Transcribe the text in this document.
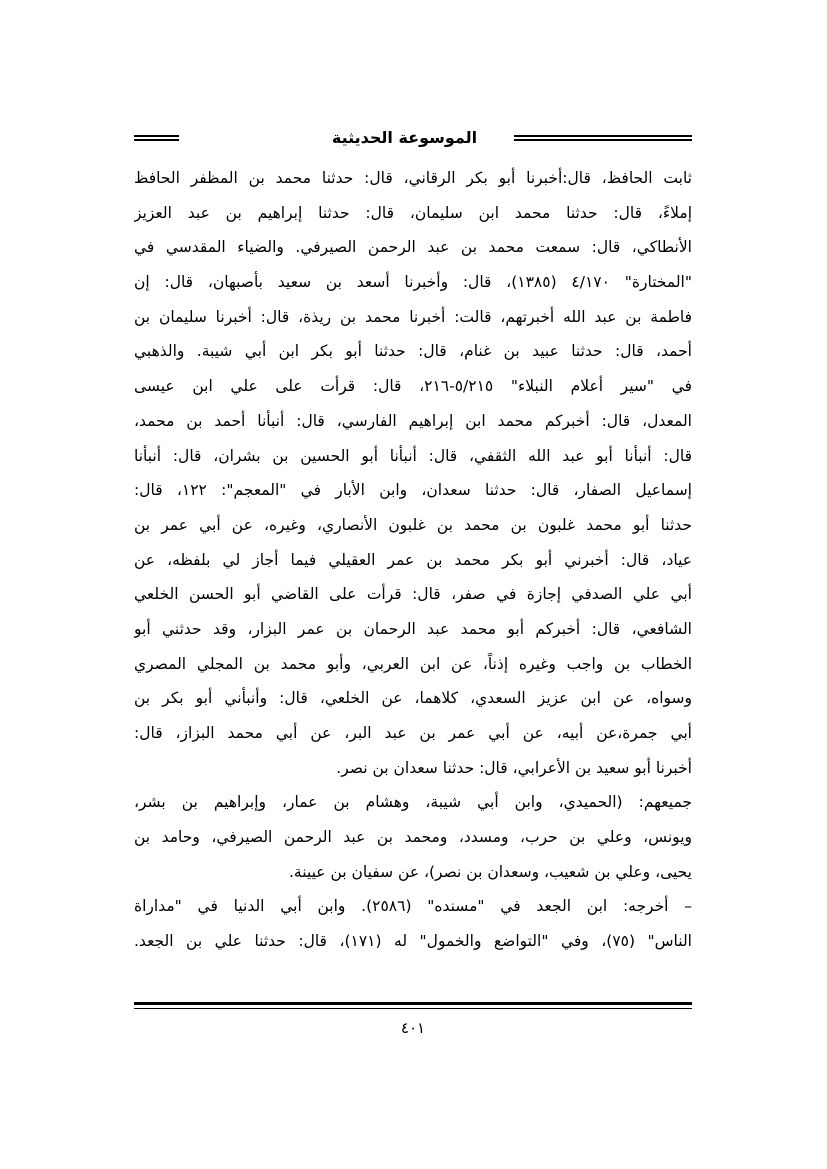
الموسوعة الحديثية
ثابت الحافظ، قال:أخبرنا أبو بكر الرقاني، قال: حدثنا محمد بن المظفر الحافظ
إملاءً، قال: حدثنا محمد ابن سليمان، قال: حدثنا إبراهيم بن عبد العزيز
الأنطاكي، قال: سمعت محمد بن عبد الرحمن الصيرفي. والضياء المقدسي في
"المختارة" ٤/١٧٠ (١٣٨٥)، قال: وأخبرنا أسعد بن سعيد بأصبهان، قال: إن
فاطمة بن عبد الله أخبرتهم، قالت: أخبرنا محمد بن ريذة، قال: أخبرنا سليمان بن
أحمد، قال: حدثنا عبيد بن غنام، قال: حدثنا أبو بكر ابن أبي شيبة. والذهبي
في "سير أعلام النبلاء" ٥/٢١٥-٢١٦، قال: قرأت على علي ابن عيسى
المعدل، قال: أخبركم محمد ابن إبراهيم الفارسي، قال: أنبأنا أحمد بن محمد،
قال: أنبأنا أبو عبد الله الثقفي، قال: أنبأنا أبو الحسين بن بشران، قال: أنبأنا
إسماعيل الصفار، قال: حدثنا سعدان، وابن الأبار في "المعجم": ١٢٢، قال:
حدثنا أبو محمد غلبون بن محمد بن غلبون الأنصاري، وغيره، عن أبي عمر بن
عياد، قال: أخبرني أبو بكر محمد بن عمر العقيلي فيما أجاز لي بلفظه، عن
أبي علي الصدفي إجازة في صفر، قال: قرأت على القاضي أبو الحسن الخلعي
الشافعي، قال: أخبركم أبو محمد عبد الرحمان بن عمر البزار، وقد حدثني أبو
الخطاب بن واجب وغيره إذناً، عن ابن العربي، وأبو محمد بن المجلي المصري
وسواه، عن ابن عزيز السعدي، كلاهما، عن الخلعي، قال: وأنبأني أبو بكر بن
أبي جمرة،عن أبيه، عن أبي عمر بن عبد البر، عن أبي محمد البزاز، قال:
أخبرنا أبو سعيد بن الأعرابي، قال: حدثنا سعدان بن نصر.
جميعهم: (الحميدي، وابن أبي شيبة، وهشام بن عمار، وإبراهيم بن بشر،
ويونس، وعلي بن حرب، ومسدد، ومحمد بن عبد الرحمن الصيرفي، وحامد بن
يحيى، وعلي بن شعيب، وسعدان بن نصر)، عن سفيان بن عيينة.
– أخرجه: ابن الجعد في "مسنده" (٢٥٨٦). وابن أبي الدنيا في "مداراة
الناس" (٧٥)، وفي "التواضع والخمول" له (١٧١)، قال: حدثنا علي بن الجعد.
٤٠١
